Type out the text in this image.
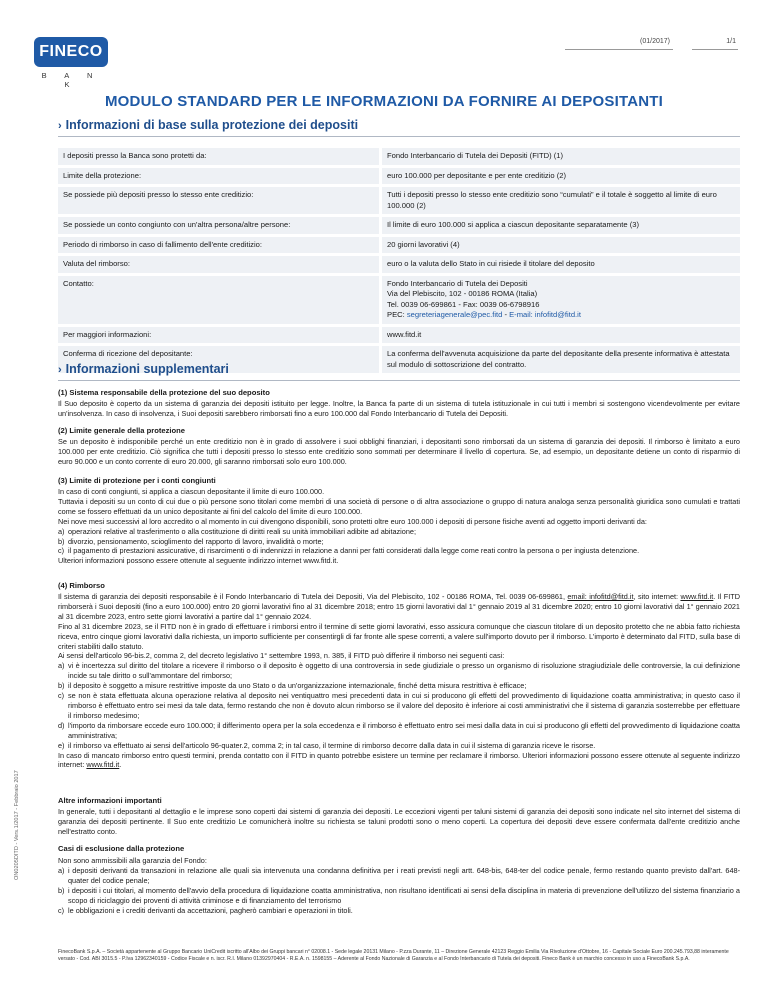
FINECO
B A N K
(01/2017)	1/1
MODULO STANDARD PER LE INFORMAZIONI DA FORNIRE AI DEPOSITANTI
› Informazioni di base sulla protezione dei depositi
I depositi presso la Banca sono protetti da:	Fondo Interbancario di Tutela dei Depositi (FITD) (1)
Limite della protezione:	euro 100.000 per depositante e per ente creditizio (2)
Se possiede più depositi presso lo stesso ente creditizio:	Tutti i depositi presso lo stesso ente creditizio sono “cumulati” e il totale è soggetto al limite di euro 100.000 (2)
Se possiede un conto congiunto con un'altra persona/altre persone:	Il limite di euro 100.000 si applica a ciascun depositante separatamente (3)
Periodo di rimborso in caso di fallimento dell'ente creditizio:	20 giorni lavorativi (4)
Valuta del rimborso:	euro o la valuta dello Stato in cui risiede il titolare del deposito
Contatto:	Fondo Interbancario di Tutela dei Depositi
Via del Plebiscito, 102 - 00186 ROMA (Italia)
Tel. 0039 06-699861 - Fax: 0039 06-6798916
PEC: segreteriagenerale@pec.fitd - E-mail: infofitd@fitd.it

Per maggiori informazioni:	www.fitd.it
Conferma di ricezione del depositante:	La conferma dell'avvenuta acquisizione da parte del depositante della presente informativa è attestata sul modulo di sottoscrizione del contratto.
› Informazioni supplementari
(1) Sistema responsabile della protezione del suo deposito
Il Suo deposito è coperto da un sistema di garanzia dei depositi istituito per legge. Inoltre, la Banca fa parte di un sistema di tutela istituzionale in cui tutti i membri si sostengono vicendevolmente per evitare un'insolvenza. In caso di insolvenza, i Suoi depositi sarebbero rimborsati fino a euro 100.000 dal Fondo Interbancario di Tutela dei Depositi.
(2) Limite generale della protezione
Se un deposito è indisponibile perché un ente creditizio non è in grado di assolvere i suoi obblighi finanziari, i depositanti sono rimborsati da un sistema di garanzia dei depositi. Il rimborso è limitato a euro 100.000 per ente creditizio. Ciò significa che tutti i depositi presso lo stesso ente creditizio sono sommati per determinare il livello di copertura. Se, ad esempio, un depositante detiene un conto di risparmio di euro 90.000 e un conto corrente di euro 20.000, gli saranno rimborsati solo euro 100.000.
(3) Limite di protezione per i conti congiunti
In caso di conti congiunti, si applica a ciascun depositante il limite di euro 100.000.
Tuttavia i depositi su un conto di cui due o più persone sono titolari come membri di una società di persone o di altra associazione o gruppo di natura analoga senza personalità giuridica sono cumulati e trattati come se fossero effettuati da un unico depositante ai fini del calcolo del limite di euro 100.000.
Nei nove mesi successivi al loro accredito o al momento in cui divengono disponibili, sono protetti oltre euro 100.000 i depositi di persone fisiche aventi ad oggetto importi derivanti da:
a) operazioni relative al trasferimento o alla costituzione di diritti reali su unità immobiliari adibite ad abitazione;
b) divorzio, pensionamento, scioglimento del rapporto di lavoro, invalidità o morte;
c) il pagamento di prestazioni assicurative, di risarcimenti o di indennizzi in relazione a danni per fatti considerati dalla legge come reati contro la persona o per ingiusta detenzione.
Ulteriori informazioni possono essere ottenute al seguente indirizzo internet www.fitd.it.
(4) Rimborso
Il sistema di garanzia dei depositi responsabile è il Fondo Interbancario di Tutela dei Depositi, Via del Plebiscito, 102 - 00186 ROMA, Tel. 0039 06-699861, email: infofitd@fitd.it, sito internet: www.fitd.it. Il FITD rimborserà i Suoi depositi (fino a euro 100.000) entro 20 giorni lavorativi fino al 31 dicembre 2018; entro 15 giorni lavorativi dal 1° gennaio 2019 al 31 dicembre 2020; entro 10 giorni lavorativi dal 1° gennaio 2021 al 31 dicembre 2023, entro sette giorni lavorativi a partire dal 1° gennaio 2024.
Fino al 31 dicembre 2023, se il FITD non è in grado di effettuare i rimborsi entro il termine di sette giorni lavorativi, esso assicura comunque che ciascun titolare di un deposito protetto che ne abbia fatto richiesta riceva, entro cinque giorni lavorativi dalla richiesta, un importo sufficiente per consentirgli di far fronte alle spese correnti, a valere sull'importo dovuto per il rimborso. L'importo è determinato dal FITD, sulla base di criteri stabiliti dallo statuto.
Ai sensi dell'articolo 96-bis.2, comma 2, del decreto legislativo 1° settembre 1993, n. 385, il FITD può differire il rimborso nei seguenti casi:
a) vi è incertezza sul diritto del titolare a ricevere il rimborso o il deposito è oggetto di una controversia in sede giudiziale o presso un organismo di risoluzione stragiudiziale delle controversie, la cui definizione incide su tale diritto o sull'ammontare del rimborso;
b) il deposito è soggetto a misure restrittive imposte da uno Stato o da un'organizzazione internazionale, finché detta misura restrittiva è efficace;
c) se non è stata effettuata alcuna operazione relativa al deposito nei ventiquattro mesi precedenti data in cui si producono gli effetti del provvedimento di liquidazione coatta amministrativa; in questo caso il rimborso è effettuato entro sei mesi da tale data, fermo restando che non è dovuto alcun rimborso se il valore del deposito è inferiore ai costi amministrativi che il sistema di garanzia sosterrebbe per effettuare il rimborso medesimo;
d) l'importo da rimborsare eccede euro 100.000; il differimento opera per la sola eccedenza e il rimborso è effettuato entro sei mesi dalla data in cui si producono gli effetti del provvedimento di liquidazione coatta amministrativa;
e) il rimborso va effettuato ai sensi dell'articolo 96-quater.2, comma 2; in tal caso, il termine di rimborso decorre dalla data in cui il sistema di garanzia riceve le risorse.
In caso di mancato rimborso entro questi termini, prenda contatto con il FITD in quanto potrebbe esistere un termine per reclamare il rimborso. Ulteriori informazioni possono essere ottenute al seguente indirizzo internet: www.fitd.it.
Altre informazioni importanti
In generale, tutti i depositanti al dettaglio e le imprese sono coperti dai sistemi di garanzia dei depositi. Le eccezioni vigenti per taluni sistemi di garanzia dei depositi sono indicate nel sito internet del sistema di garanzia dei depositi pertinente. Il Suo ente creditizio Le comunicherà inoltre su richiesta se taluni prodotti sono o meno coperti. La copertura dei depositi deve essere confermata dall'ente creditizio anche nell'estratto conto.
Casi di esclusione dalla protezione
Non sono ammissibili alla garanzia del Fondo:
a) i depositi derivanti da transazioni in relazione alle quali sia intervenuta una condanna definitiva per i reati previsti negli artt. 648-bis, 648-ter del codice penale, fermo restando quanto previsto dall'art. 648-quater del codice penale;
b) i depositi i cui titolari, al momento dell'avvio della procedura di liquidazione coatta amministrativa, non risultano identificati ai sensi della disciplina in materia di prevenzione dell'utilizzo del sistema finanziario a scopo di riciclaggio dei proventi di attività criminose e di finanziamento del terrorismo
c) le obbligazioni e i crediti derivanti da accettazioni, pagherò cambiari e operazioni in titoli.
ON0205DITD - Vers.1/2017 - Febbraio 2017
FinecoBank S.p.A. – Società appartenente al Gruppo Bancario UniCredit iscritto all'Albo dei Gruppi bancari n° 02008.1 - Sede legale 20131 Milano - P.zza Durante, 11 – Direzione Generale 42123 Reggio Emilia Via Rivoluzione d'Ottobre, 16 - Capitale Sociale Euro 200.245.793,88 interamente versato - Cod. ABI 3015.5 - P.Iva 12962340159 - Codice Fiscale e n. iscr. R.I. Milano 01392970404 - R.E.A. n. 1598155 – Aderente al Fondo Nazionale di Garanzia e al Fondo Interbancario di Tutela dei depositi. Fineco Bank è un marchio concesso in uso a FinecoBank S.p.A.
